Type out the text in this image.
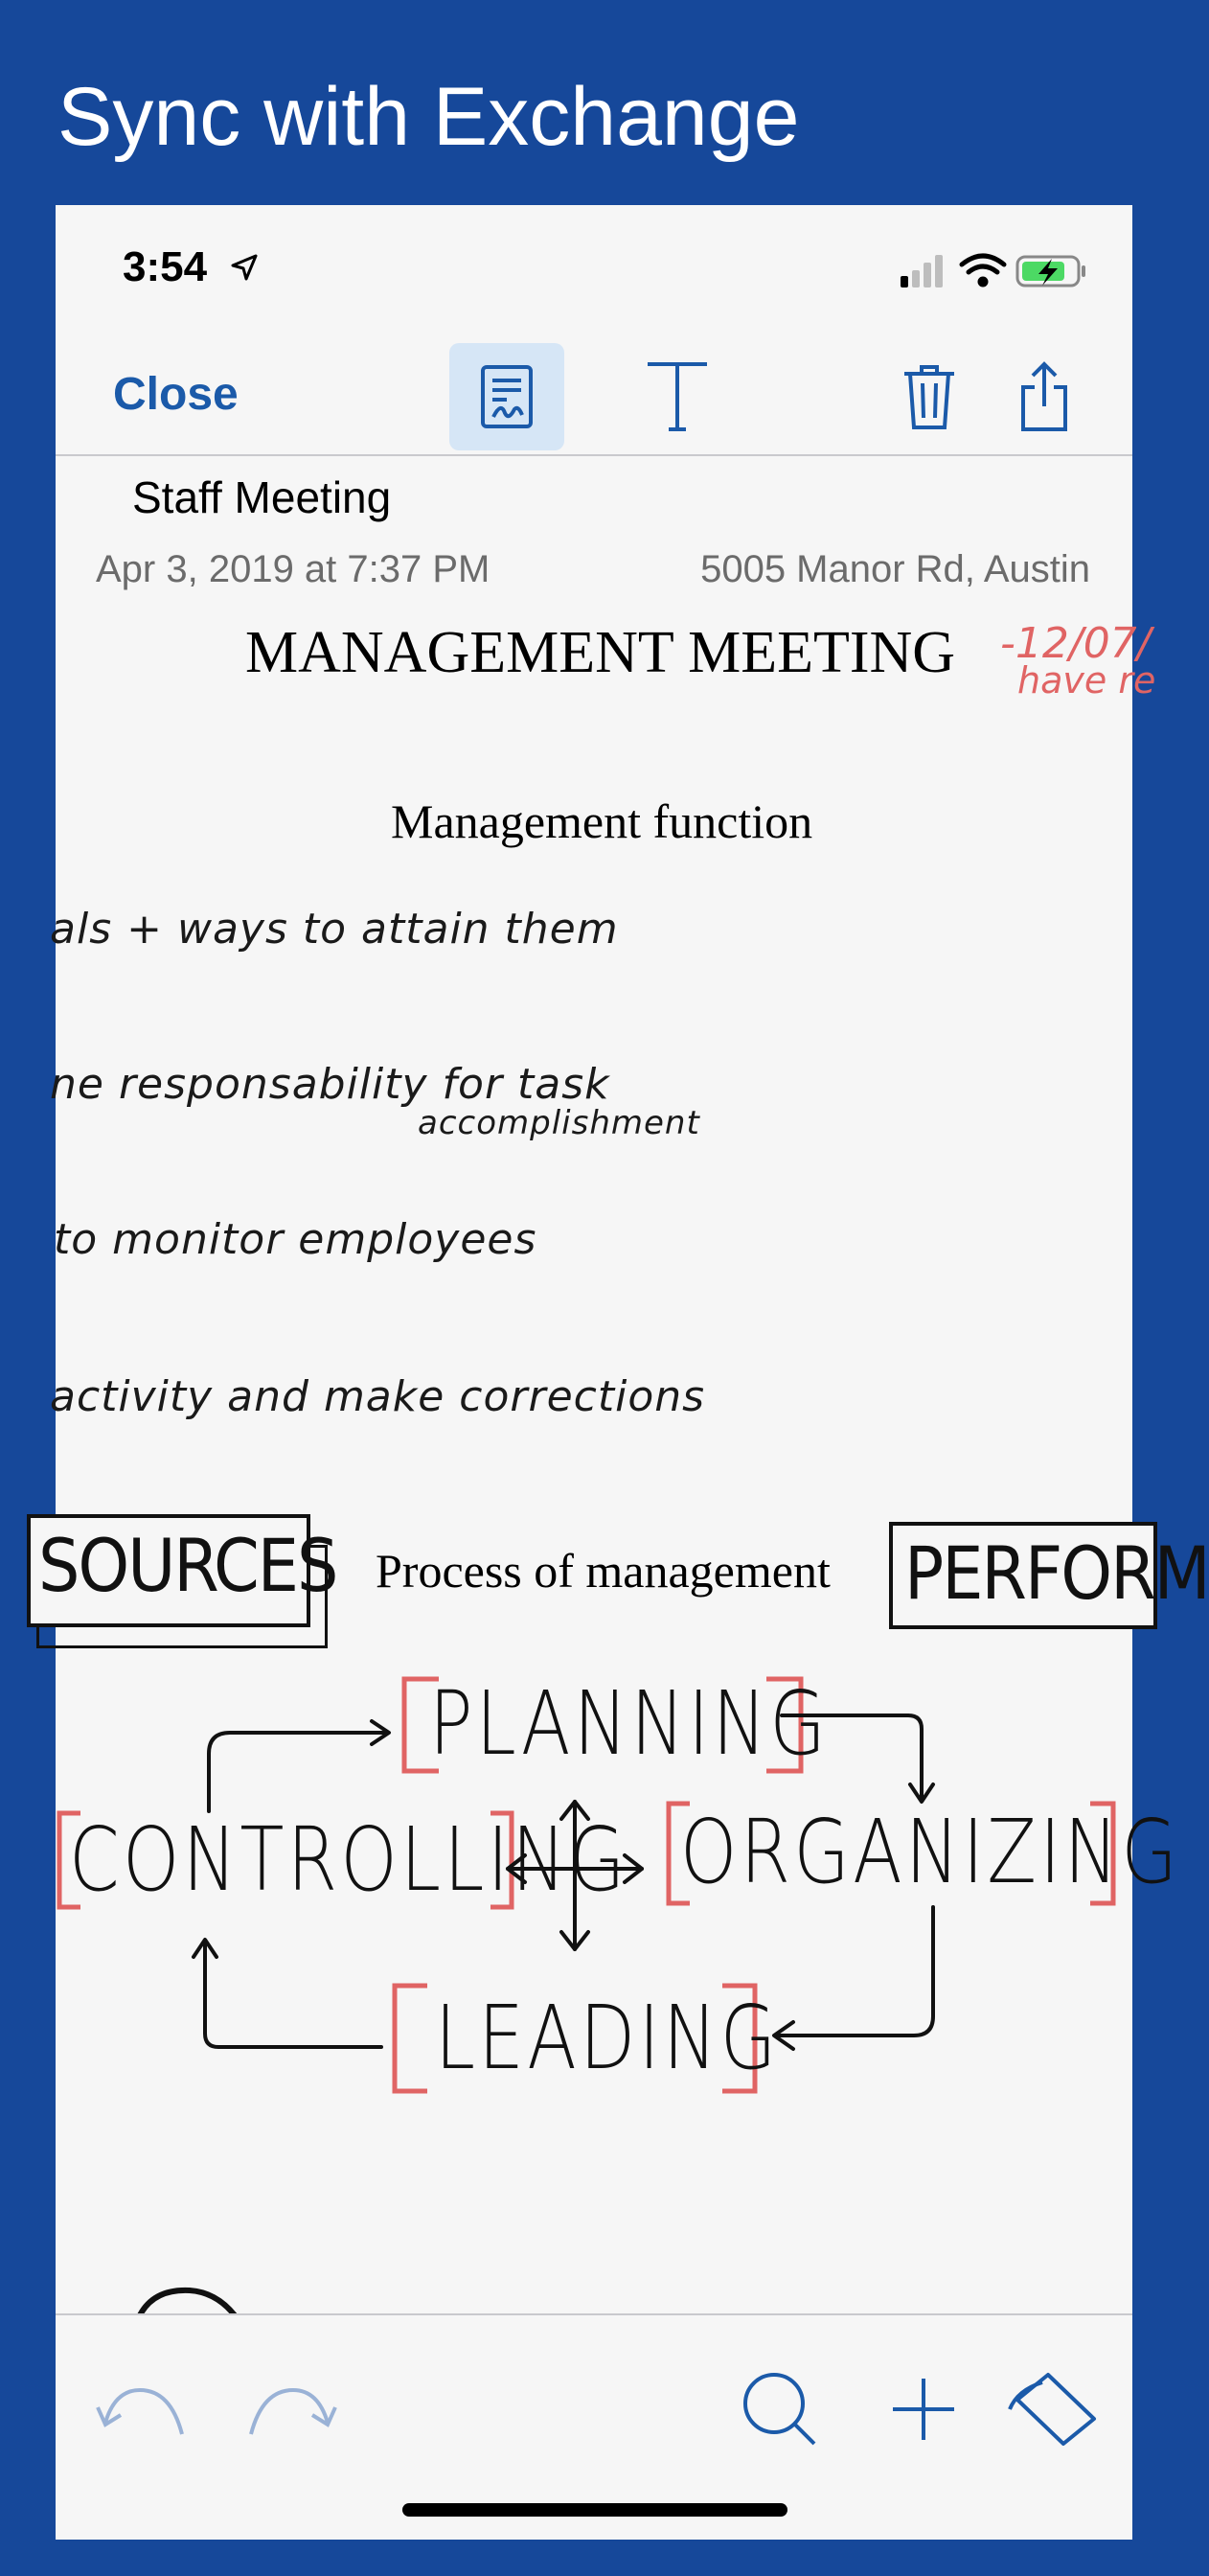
Sync with Exchange
3:54
Close
Staff Meeting
Apr 3, 2019 at 7:37 PM	5005 Manor Rd, Austin
MANAGEMENT MEETING -12/07/
have re
Management function
als + ways to attain them
ne responsability for task
accomplishment
to monitor employees
activity and make corrections
SOURCES Process of management PERFORM
PLANNING
CONTROLLING ORGANIZING
LEADING
